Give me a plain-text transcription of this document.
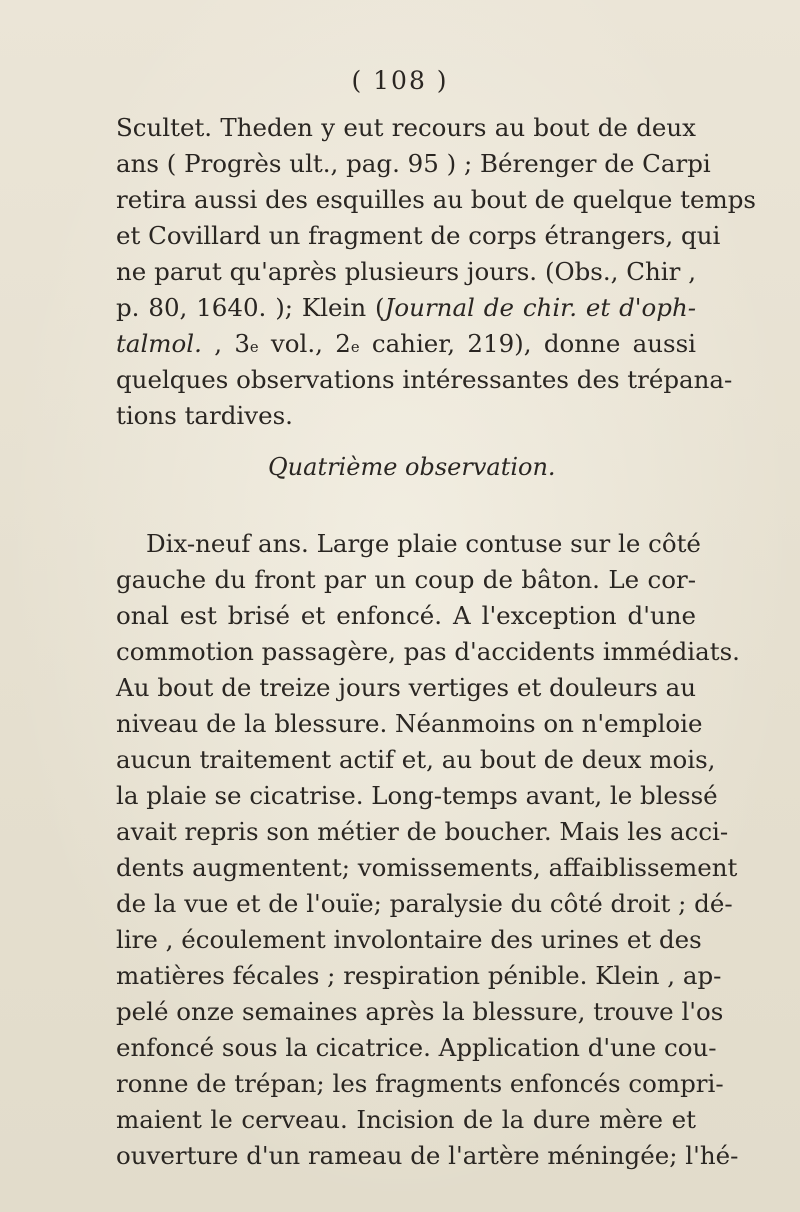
( 108 )
Scultet. Theden y eut recours au bout de deux
ans ( Progrès ult., pag. 95 ) ; Bérenger de Carpi
retira aussi des esquilles au bout de quelque temps
et Covillard un fragment de corps étrangers, qui
ne parut qu'après plusieurs jours. (Obs., Chir ,
p. 80, 1640. ); Klein (Journal de chir. et d'oph-
talmol. , 3e vol., 2e cahier, 219), donne aussi
quelques observations intéressantes des trépana-
tions tardives.
Quatrième observation.
Dix-neuf ans. Large plaie contuse sur le côté
gauche du front par un coup de bâton. Le cor-
onal est brisé et enfoncé. A l'exception d'une
commotion passagère, pas d'accidents immédiats.
Au bout de treize jours vertiges et douleurs au
niveau de la blessure. Néanmoins on n'emploie
aucun traitement actif et, au bout de deux mois,
la plaie se cicatrise. Long-temps avant, le blessé
avait repris son métier de boucher. Mais les acci-
dents augmentent; vomissements, affaiblissement
de la vue et de l'ouïe; paralysie du côté droit ; dé-
lire , écoulement involontaire des urines et des
matières fécales ; respiration pénible. Klein , ap-
pelé onze semaines après la blessure, trouve l'os
enfoncé sous la cicatrice. Application d'une cou-
ronne de trépan; les fragments enfoncés compri-
maient le cerveau. Incision de la dure mère et
ouverture d'un rameau de l'artère méningée; l'hé-
